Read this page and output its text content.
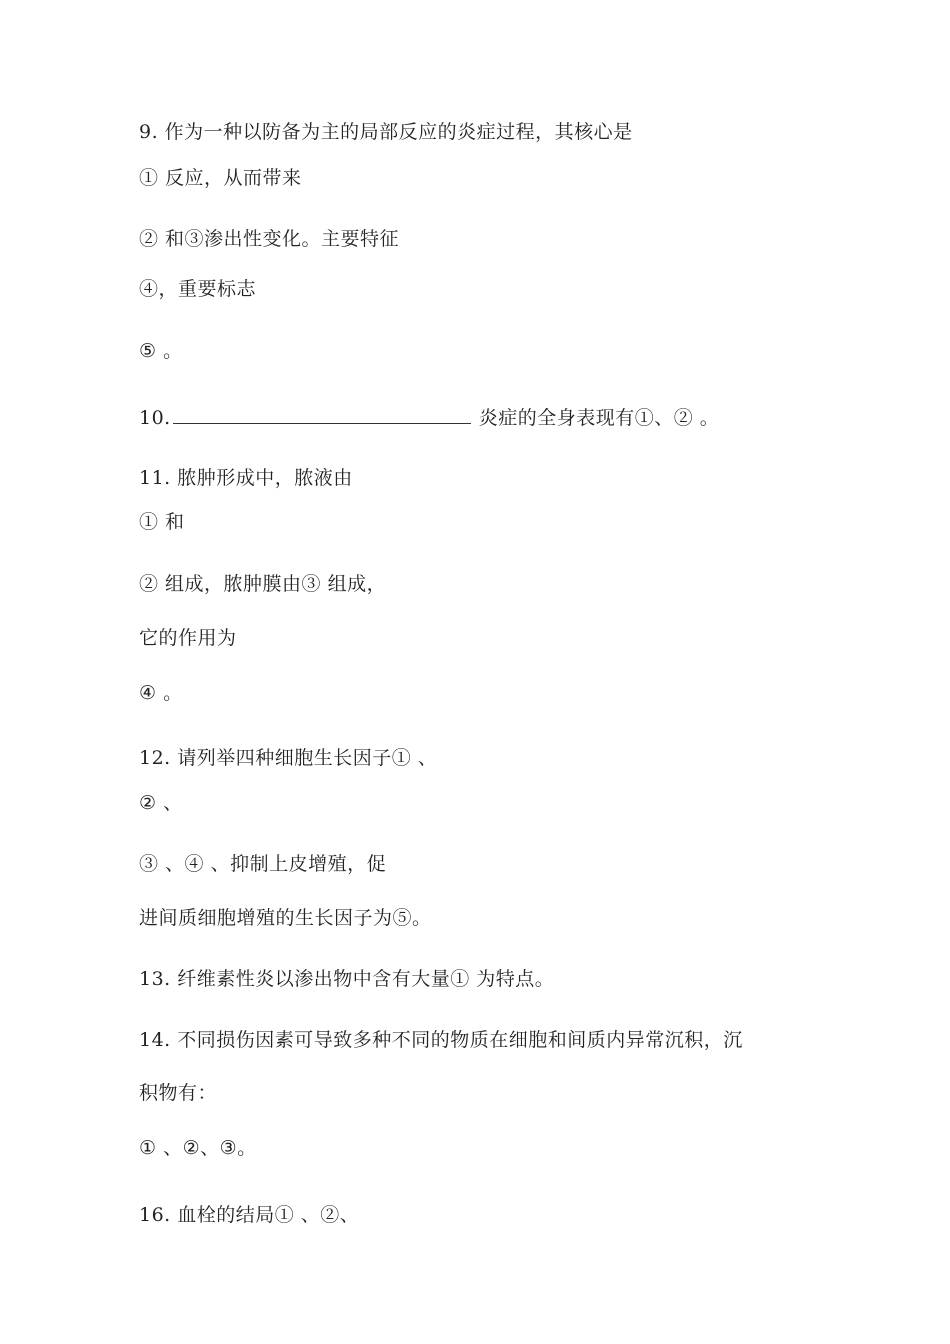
9. 作为一种以防备为主的局部反应的炎症过程，其核心是
① 反应，从而带来
② 和③渗出性变化。主要特征
④，重要标志
⑤ 。
10.	炎症的全身表现有①、② 。
11. 脓肿形成中，脓液由
① 和
② 组成，脓肿膜由③ 组成，
它的作用为
④ 。
12. 请列举四种细胞生长因子① 、
② 、
③ 、④ 、抑制上皮增殖，促
进间质细胞增殖的生长因子为⑤。
13. 纤维素性炎以渗出物中含有大量① 为特点。
14. 不同损伤因素可导致多种不同的物质在细胞和间质内异常沉积，沉
积物有：
① 、②、③。
16. 血栓的结局① 、②、
